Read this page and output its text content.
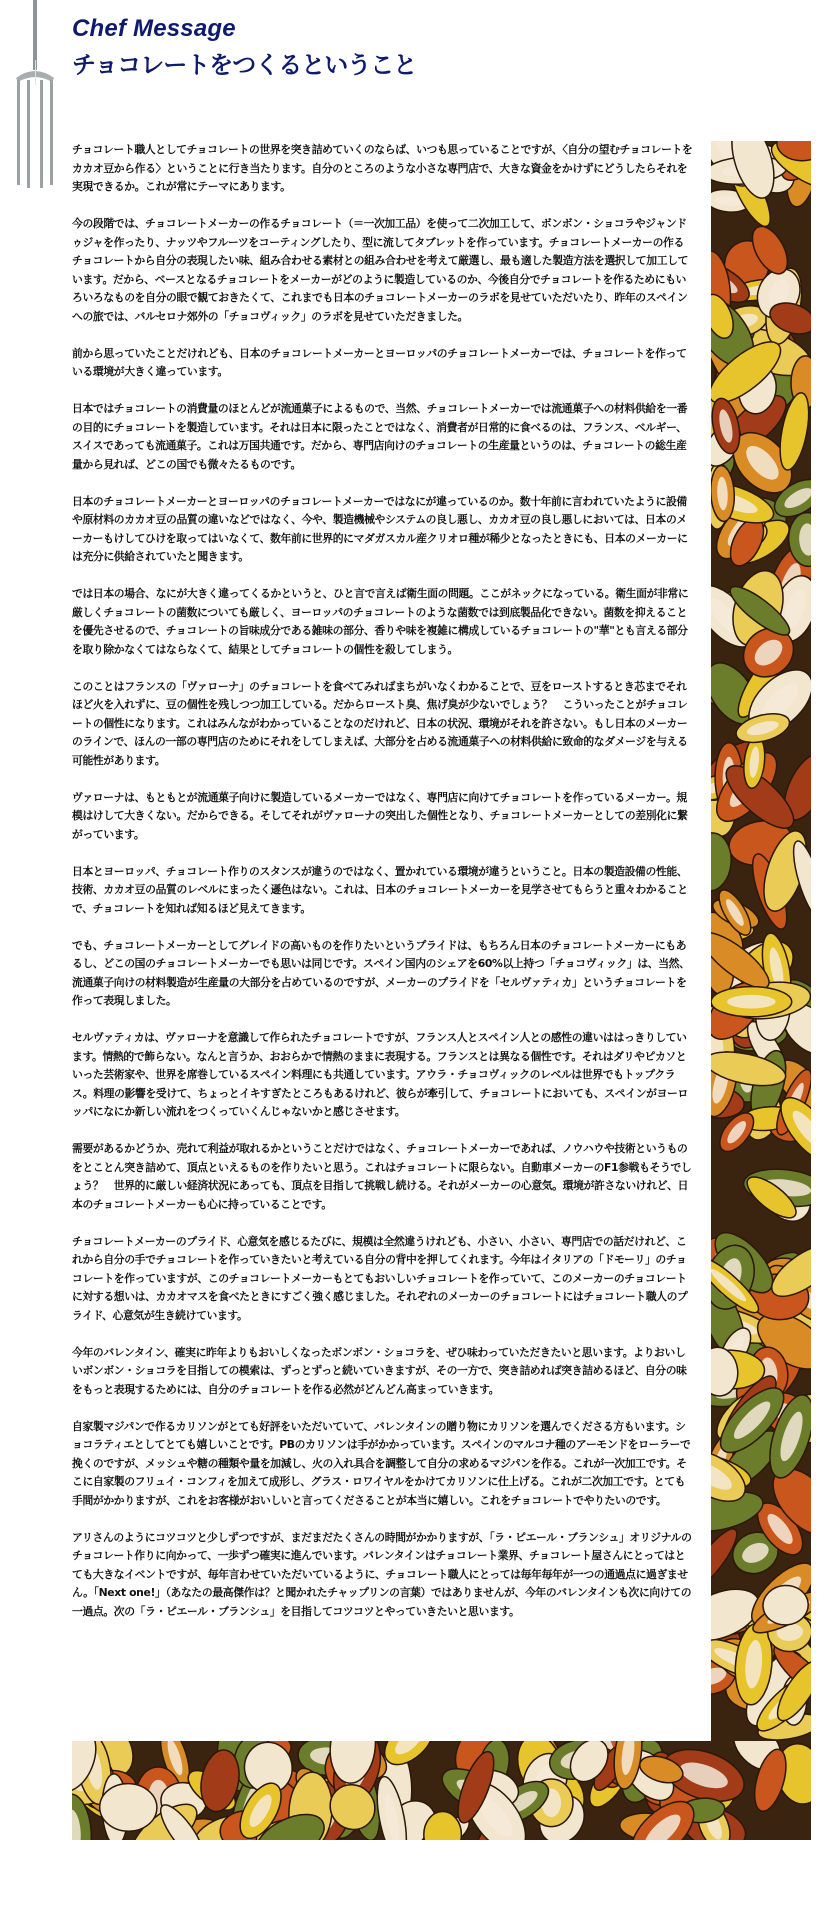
Chef Message
チョコレートをつくるということ

チョコレート職人としてチョコレートの世界を突き詰めていくのならば、いつも思っていることですが、〈自分の望むチョコレートをカカオ豆から作る〉ということに行き当たります。自分のところのような小さな専門店で、大きな資金をかけずにどうしたらそれを実現できるか。これが常にテーマにあります。

今の段階では、チョコレートメーカーの作るチョコレート（＝一次加工品）を使って二次加工して、ボンボン・ショコラやジャンドゥジャを作ったり、ナッツやフルーツをコーティングしたり、型に流してタブレットを作っています。チョコレートメーカーの作るチョコレートから自分の表現したい味、組み合わせる素材との組み合わせを考えて厳選し、最も適した製造方法を選択して加工しています。だから、ベースとなるチョコレートをメーカーがどのように製造しているのか、今後自分でチョコレートを作るためにもいろいろなものを自分の眼で観ておきたくて、これまでも日本のチョコレートメーカーのラボを見せていただいたり、昨年のスペインへの旅では、バルセロナ郊外の「チョコヴィック」のラボを見せていただきました。

前から思っていたことだけれども、日本のチョコレートメーカーとヨーロッパのチョコレートメーカーでは、チョコレートを作っている環境が大きく違っています。

日本ではチョコレートの消費量のほとんどが流通菓子によるもので、当然、チョコレートメーカーでは流通菓子への材料供給を一番の目的にチョコレートを製造しています。それは日本に限ったことではなく、消費者が日常的に食べるのは、フランス、ベルギー、スイスであっても流通菓子。これは万国共通です。だから、専門店向けのチョコレートの生産量というのは、チョコレートの総生産量から見れば、どこの国でも微々たるものです。

日本のチョコレートメーカーとヨーロッパのチョコレートメーカーではなにが違っているのか。数十年前に言われていたように設備や原材料のカカオ豆の品質の違いなどではなく、今や、製造機械やシステムの良し悪し、カカオ豆の良し悪しにおいては、日本のメーカーもけしてひけを取ってはいなくて、数年前に世界的にマダガスカル産クリオロ種が稀少となったときにも、日本のメーカーには充分に供給されていたと聞きます。

では日本の場合、なにが大きく違ってくるかというと、ひと言で言えば衛生面の問題。ここがネックになっている。衛生面が非常に厳しくチョコレートの菌数についても厳しく、ヨーロッパのチョコレートのような菌数では到底製品化できない。菌数を抑えることを優先させるので、チョコレートの旨味成分である雑味の部分、香りや味を複雑に構成しているチョコレートの"華"とも言える部分を取り除かなくてはならなくて、結果としてチョコレートの個性を殺してしまう。

このことはフランスの「ヴァローナ」のチョコレートを食べてみればまちがいなくわかることで、豆をローストするとき芯までそれほど火を入れずに、豆の個性を残しつつ加工している。だからロースト臭、焦げ臭が少ないでしょう？　こういったことがチョコレートの個性になります。これはみんながわかっていることなのだけれど、日本の状況、環境がそれを許さない。もし日本のメーカーのラインで、ほんの一部の専門店のためにそれをしてしまえば、大部分を占める流通菓子への材料供給に致命的なダメージを与える可能性があります。

ヴァローナは、もともとが流通菓子向けに製造しているメーカーではなく、専門店に向けてチョコレートを作っているメーカー。規模はけして大きくない。だからできる。そしてそれがヴァローナの突出した個性となり、チョコレートメーカーとしての差別化に繋がっています。

日本とヨーロッパ、チョコレート作りのスタンスが違うのではなく、置かれている環境が違うということ。日本の製造設備の性能、技術、カカオ豆の品質のレベルにまったく遜色はない。これは、日本のチョコレートメーカーを見学させてもらうと重々わかることで、チョコレートを知れば知るほど見えてきます。

でも、チョコレートメーカーとしてグレイドの高いものを作りたいというプライドは、もちろん日本のチョコレートメーカーにもあるし、どこの国のチョコレートメーカーでも思いは同じです。スペイン国内のシェアを60%以上持つ「チョコヴィック」は、当然、流通菓子向けの材料製造が生産量の大部分を占めているのですが、メーカーのプライドを「セルヴァティカ」というチョコレートを作って表現しました。

セルヴァティカは、ヴァローナを意識して作られたチョコレートですが、フランス人とスペイン人との感性の違いははっきりしています。情熱的で飾らない。なんと言うか、おおらかで情熱のままに表現する。フランスとは異なる個性です。それはダリやピカソといった芸術家や、世界を席巻しているスペイン料理にも共通しています。アウラ・チョコヴィックのレベルは世界でもトップクラス。料理の影響を受けて、ちょっとイキすぎたところもあるけれど、彼らが牽引して、チョコレートにおいても、スペインがヨーロッパになにか新しい流れをつくっていくんじゃないかと感じさせます。

需要があるかどうか、売れて利益が取れるかということだけではなく、チョコレートメーカーであれば、ノウハウや技術というものをとことん突き詰めて、頂点といえるものを作りたいと思う。これはチョコレートに限らない。自動車メーカーのF1参戦もそうでしょう？　世界的に厳しい経済状況にあっても、頂点を目指して挑戦し続ける。それがメーカーの心意気。環境が許さないけれど、日本のチョコレートメーカーも心に持っていることです。

チョコレートメーカーのプライド、心意気を感じるたびに、規模は全然違うけれども、小さい、小さい、専門店での話だけれど、これから自分の手でチョコレートを作っていきたいと考えている自分の背中を押してくれます。今年はイタリアの「ドモーリ」のチョコレートを作っていますが、このチョコレートメーカーもとてもおいしいチョコレートを作っていて、このメーカーのチョコレートに対する想いは、カカオマスを食べたときにすごく強く感じました。それぞれのメーカーのチョコレートにはチョコレート職人のプライド、心意気が生き続けています。

今年のバレンタイン、確実に昨年よりもおいしくなったボンボン・ショコラを、ぜひ味わっていただきたいと思います。よりおいしいボンボン・ショコラを目指しての模索は、ずっとずっと続いていきますが、その一方で、突き詰めれば突き詰めるほど、自分の味をもっと表現するためには、自分のチョコレートを作る必然がどんどん高まっていきます。

自家製マジパンで作るカリソンがとても好評をいただいていて、バレンタインの贈り物にカリソンを選んでくださる方もいます。ショコラティエとしてとても嬉しいことです。PBのカリソンは手がかかっています。スペインのマルコナ種のアーモンドをローラーで挽くのですが、メッシュや糖の種類や量を加減し、火の入れ具合を調整して自分の求めるマジパンを作る。これが一次加工です。そこに自家製のフリュイ・コンフィを加えて成形し、グラス・ロワイヤルをかけてカリソンに仕上げる。これが二次加工です。とても手間がかかりますが、これをお客様がおいしいと言ってくださることが本当に嬉しい。これをチョコレートでやりたいのです。

アリさんのようにコツコツと少しずつですが、まだまだたくさんの時間がかかりますが、「ラ・ピエール・ブランシュ」オリジナルのチョコレート作りに向かって、一歩ずつ確実に進んでいます。バレンタインはチョコレート業界、チョコレート屋さんにとってはとても大きなイベントですが、毎年言わせていただいているように、チョコレート職人にとっては毎年毎年が一つの通過点に過ぎません。「Next one!」（あなたの最高傑作は？と聞かれたチャップリンの言葉）ではありませんが、今年のバレンタインも次に向けての一過点。次の「ラ・ピエール・ブランシュ」を目指してコツコツとやっていきたいと思います。
